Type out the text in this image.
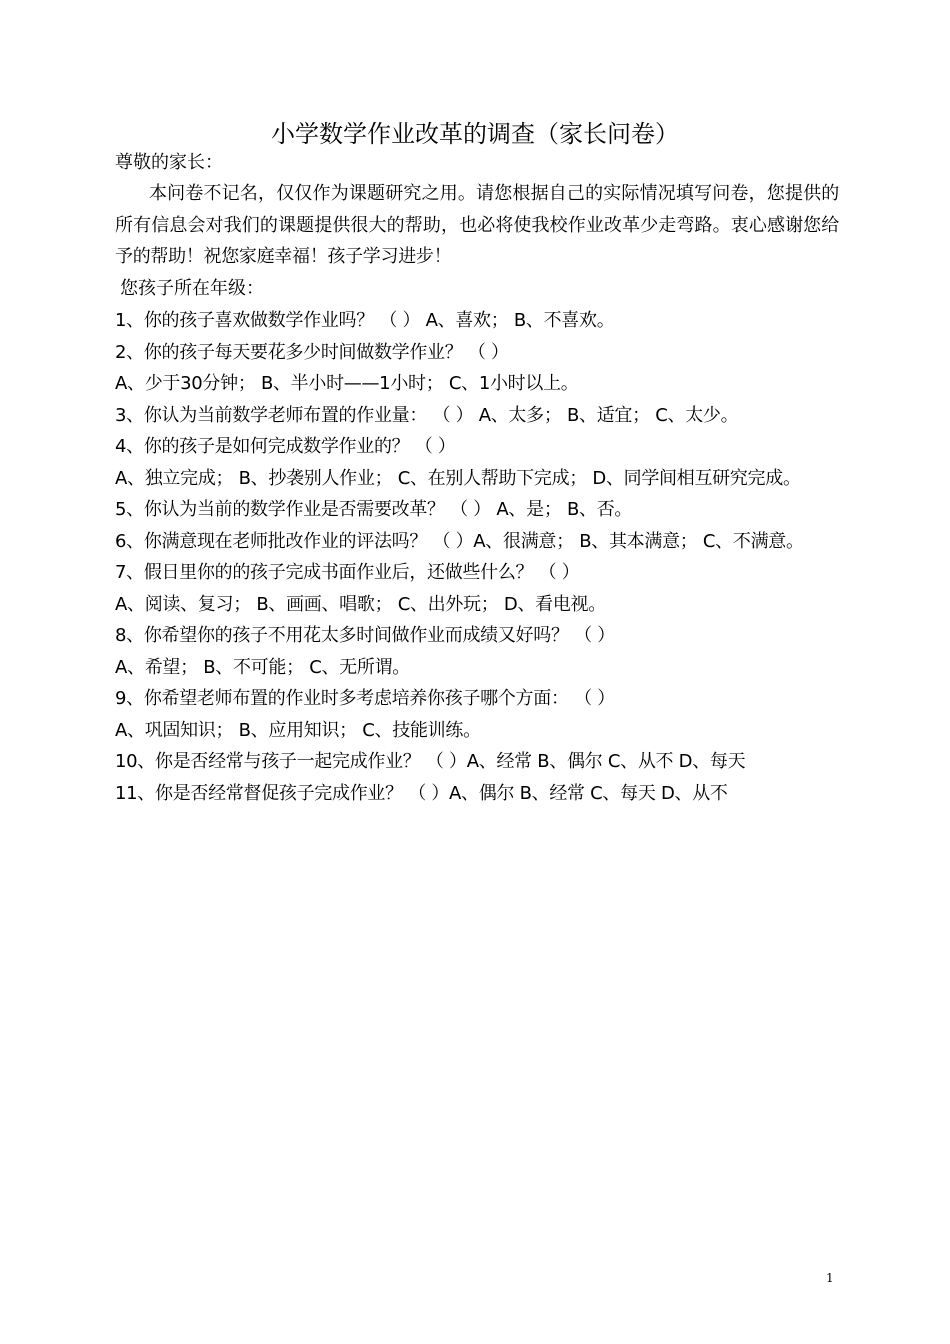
小学数学作业改革的调查（家长问卷）
尊敬的家长：
本问卷不记名，仅仅作为课题研究之用。请您根据自己的实际情况填写问卷，您提供的所有信息会对我们的课题提供很大的帮助，也必将使我校作业改革少走弯路。衷心感谢您给予的帮助！祝您家庭幸福！孩子学习进步！
您孩子所在年级：
1、你的孩子喜欢做数学作业吗？ （ ） A、喜欢； B、不喜欢。
2、你的孩子每天要花多少时间做数学作业？ （ ）
A、少于30分钟； B、半小时——1小时； C、1小时以上。
3、你认为当前数学老师布置的作业量： （ ） A、太多； B、适宜； C、太少。
4、你的孩子是如何完成数学作业的？ （ ）
A、独立完成； B、抄袭别人作业； C、在别人帮助下完成； D、同学间相互研究完成。
5、你认为当前的数学作业是否需要改革？ （ ） A、是； B、否。
6、你满意现在老师批改作业的评法吗？ （ ）A、很满意； B、其本满意； C、不满意。
7、假日里你的的孩子完成书面作业后，还做些什么？ （ ）
A、阅读、复习； B、画画、唱歌； C、出外玩； D、看电视。
8、你希望你的孩子不用花太多时间做作业而成绩又好吗？ （ ）
A、希望； B、不可能； C、无所谓。
9、你希望老师布置的作业时多考虑培养你孩子哪个方面： （ ）
A、巩固知识； B、应用知识； C、技能训练。
10、你是否经常与孩子一起完成作业？ （ ）A、经常 B、偶尔 C、从不 D、每天
11、你是否经常督促孩子完成作业？ （ ）A、偶尔 B、经常 C、每天 D、从不
1
